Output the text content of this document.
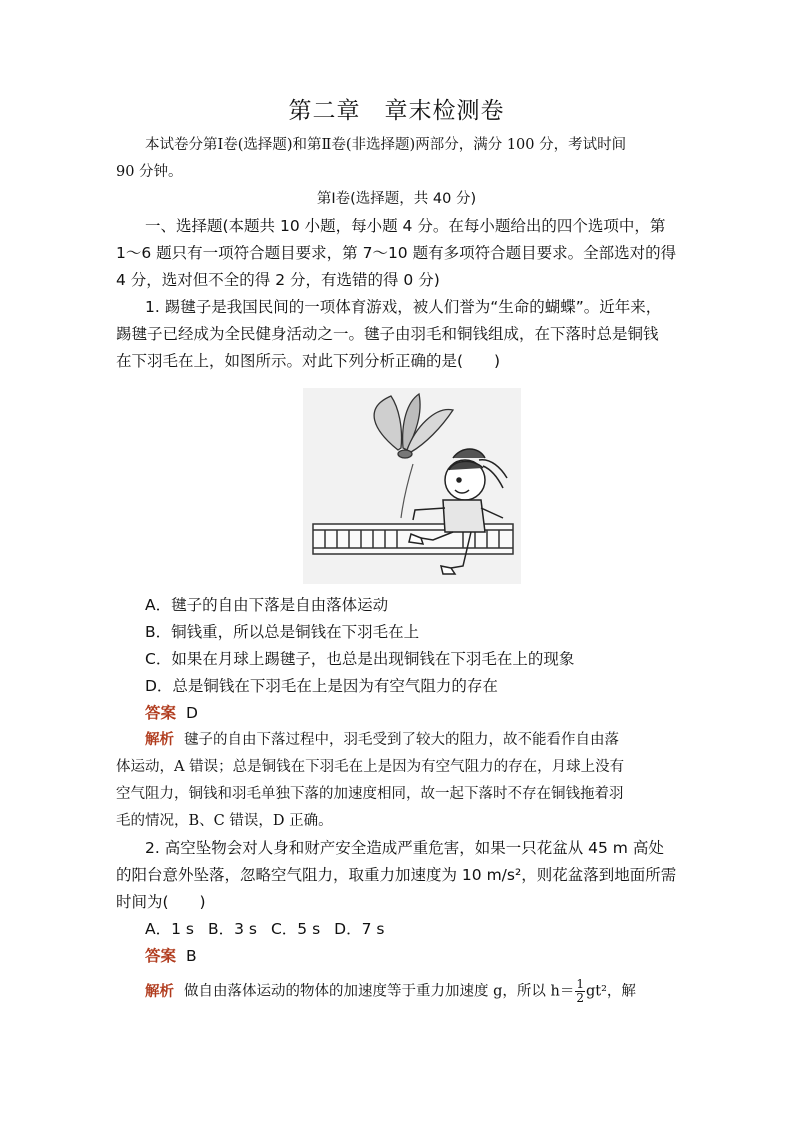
第二章　章末检测卷
本试卷分第Ⅰ卷(选择题)和第Ⅱ卷(非选择题)两部分，满分 100 分，考试时间
90 分钟。
第Ⅰ卷(选择题，共 40 分)
一、选择题(本题共 10 小题，每小题 4 分。在每小题给出的四个选项中，第
1～6 题只有一项符合题目要求，第 7～10 题有多项符合题目要求。全部选对的得
4 分，选对但不全的得 2 分，有选错的得 0 分)
1. 踢毽子是我国民间的一项体育游戏，被人们誉为“生命的蝴蝶”。近年来，
踢毽子已经成为全民健身活动之一。毽子由羽毛和铜钱组成，在下落时总是铜钱
在下羽毛在上，如图所示。对此下列分析正确的是(　　)
A．毽子的自由下落是自由落体运动
B．铜钱重，所以总是铜钱在下羽毛在上
C．如果在月球上踢毽子，也总是出现铜钱在下羽毛在上的现象
D．总是铜钱在下羽毛在上是因为有空气阻力的存在
答案 D
解析 毽子的自由下落过程中，羽毛受到了较大的阻力，故不能看作自由落
体运动，A 错误；总是铜钱在下羽毛在上是因为有空气阻力的存在，月球上没有
空气阻力，铜钱和羽毛单独下落的加速度相同，故一起下落时不存在铜钱拖着羽
毛的情况，B、C 错误，D 正确。
2. 高空坠物会对人身和财产安全造成严重危害，如果一只花盆从 45 m 高处
的阳台意外坠落，忽略空气阻力，取重力加速度为 10 m/s²，则花盆落到地面所需
时间为(　　)
A．1 s B．3 s C．5 s D．7 s
答案 B
解析 做自由落体运动的物体的加速度等于重力加速度 g，所以 $h= \frac{1}{2} gt^2$，解
